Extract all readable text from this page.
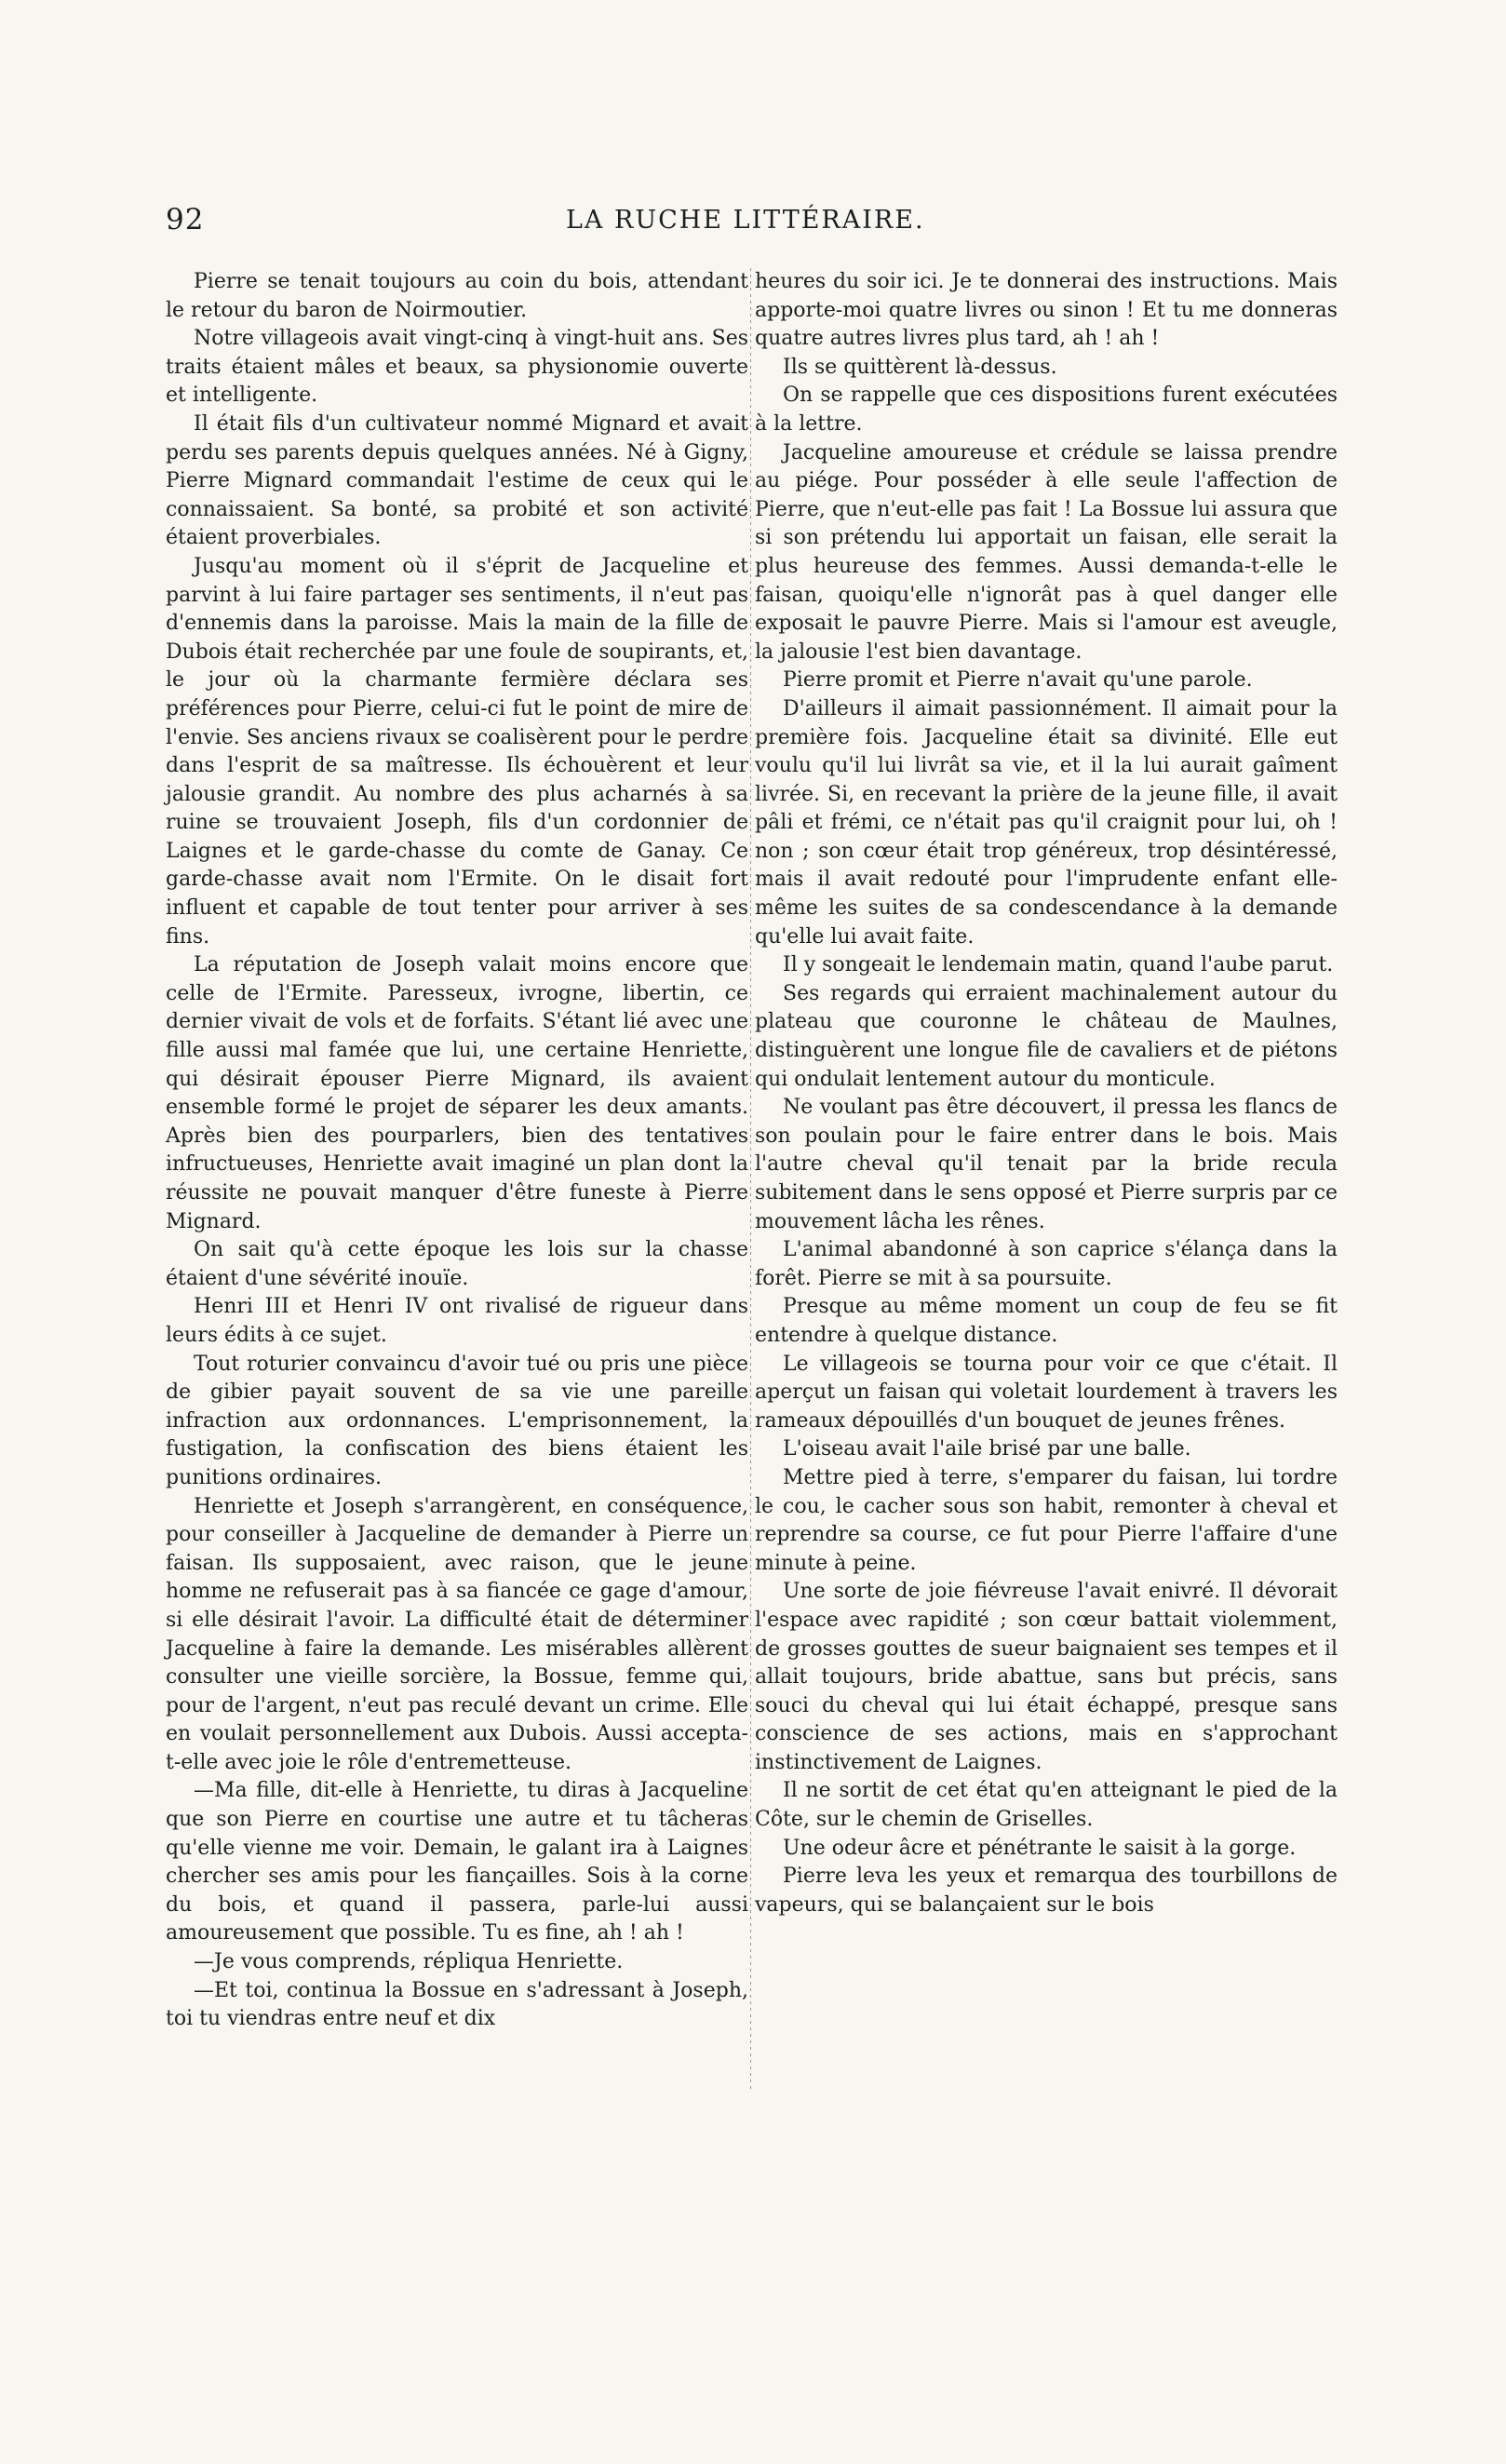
92	LA RUCHE LITTÉRAIRE.

Pierre se tenait toujours au coin du bois, attendant le retour du baron de Noirmoutier.

Notre villageois avait vingt-cinq à vingt-huit ans. Ses traits étaient mâles et beaux, sa physionomie ouverte et intelligente.

Il était fils d'un cultivateur nommé Mignard et avait perdu ses parents depuis quelques années. Né à Gigny, Pierre Mignard commandait l'estime de ceux qui le connaissaient. Sa bonté, sa probité et son activité étaient proverbiales.

Jusqu'au moment où il s'éprit de Jacqueline et parvint à lui faire partager ses sentiments, il n'eut pas d'ennemis dans la paroisse. Mais la main de la fille de Dubois était recherchée par une foule de soupirants, et, le jour où la charmante fermière déclara ses préférences pour Pierre, celui-ci fut le point de mire de l'envie. Ses anciens rivaux se coalisèrent pour le perdre dans l'esprit de sa maîtresse. Ils échouèrent et leur jalousie grandit. Au nombre des plus acharnés à sa ruine se trouvaient Joseph, fils d'un cordonnier de Laignes et le garde-chasse du comte de Ganay. Ce garde-chasse avait nom l'Ermite. On le disait fort influent et capable de tout tenter pour arriver à ses fins.

La réputation de Joseph valait moins encore que celle de l'Ermite. Paresseux, ivrogne, libertin, ce dernier vivait de vols et de forfaits. S'étant lié avec une fille aussi mal famée que lui, une certaine Henriette, qui désirait épouser Pierre Mignard, ils avaient ensemble formé le projet de séparer les deux amants. Après bien des pourparlers, bien des tentatives infructueuses, Henriette avait imaginé un plan dont la réussite ne pouvait manquer d'être funeste à Pierre Mignard.

On sait qu'à cette époque les lois sur la chasse étaient d'une sévérité inouïe.

Henri III et Henri IV ont rivalisé de rigueur dans leurs édits à ce sujet.

Tout roturier convaincu d'avoir tué ou pris une pièce de gibier payait souvent de sa vie une pareille infraction aux ordonnances. L'emprisonnement, la fustigation, la confiscation des biens étaient les punitions ordinaires.

Henriette et Joseph s'arrangèrent, en conséquence, pour conseiller à Jacqueline de demander à Pierre un faisan. Ils supposaient, avec raison, que le jeune homme ne refuserait pas à sa fiancée ce gage d'amour, si elle désirait l'avoir. La difficulté était de déterminer Jacqueline à faire la demande. Les misérables allèrent consulter une vieille sorcière, la Bossue, femme qui, pour de l'argent, n'eut pas reculé devant un crime. Elle en voulait personnellement aux Dubois. Aussi accepta-t-elle avec joie le rôle d'entremetteuse.

—Ma fille, dit-elle à Henriette, tu diras à Jacqueline que son Pierre en courtise une autre et tu tâcheras qu'elle vienne me voir. Demain, le galant ira à Laignes chercher ses amis pour les fiançailles. Sois à la corne du bois, et quand il passera, parle-lui aussi amoureusement que possible. Tu es fine, ah ! ah !

—Je vous comprends, répliqua Henriette.

—Et toi, continua la Bossue en s'adressant à Joseph, toi tu viendras entre neuf et dix

heures du soir ici. Je te donnerai des instructions. Mais apporte-moi quatre livres ou sinon ! Et tu me donneras quatre autres livres plus tard, ah ! ah !

Ils se quittèrent là-dessus.

On se rappelle que ces dispositions furent exécutées à la lettre.

Jacqueline amoureuse et crédule se laissa prendre au piége. Pour posséder à elle seule l'affection de Pierre, que n'eut-elle pas fait ! La Bossue lui assura que si son prétendu lui apportait un faisan, elle serait la plus heureuse des femmes. Aussi demanda-t-elle le faisan, quoiqu'elle n'ignorât pas à quel danger elle exposait le pauvre Pierre. Mais si l'amour est aveugle, la jalousie l'est bien davantage.

Pierre promit et Pierre n'avait qu'une parole.

D'ailleurs il aimait passionnément. Il aimait pour la première fois. Jacqueline était sa divinité. Elle eut voulu qu'il lui livrât sa vie, et il la lui aurait gaîment livrée. Si, en recevant la prière de la jeune fille, il avait pâli et frémi, ce n'était pas qu'il craignit pour lui, oh ! non ; son cœur était trop généreux, trop désintéressé, mais il avait redouté pour l'imprudente enfant elle-même les suites de sa condescendance à la demande qu'elle lui avait faite.

Il y songeait le lendemain matin, quand l'aube parut.

Ses regards qui erraient machinalement autour du plateau que couronne le château de Maulnes, distinguèrent une longue file de cavaliers et de piétons qui ondulait lentement autour du monticule.

Ne voulant pas être découvert, il pressa les flancs de son poulain pour le faire entrer dans le bois. Mais l'autre cheval qu'il tenait par la bride recula subitement dans le sens opposé et Pierre surpris par ce mouvement lâcha les rênes.

L'animal abandonné à son caprice s'élança dans la forêt. Pierre se mit à sa poursuite.

Presque au même moment un coup de feu se fit entendre à quelque distance.

Le villageois se tourna pour voir ce que c'était. Il aperçut un faisan qui voletait lourdement à travers les rameaux dépouillés d'un bouquet de jeunes frênes.

L'oiseau avait l'aile brisé par une balle.

Mettre pied à terre, s'emparer du faisan, lui tordre le cou, le cacher sous son habit, remonter à cheval et reprendre sa course, ce fut pour Pierre l'affaire d'une minute à peine.

Une sorte de joie fiévreuse l'avait enivré. Il dévorait l'espace avec rapidité ; son cœur battait violemment, de grosses gouttes de sueur baignaient ses tempes et il allait toujours, bride abattue, sans but précis, sans souci du cheval qui lui était échappé, presque sans conscience de ses actions, mais en s'approchant instinctivement de Laignes.

Il ne sortit de cet état qu'en atteignant le pied de la Côte, sur le chemin de Griselles.

Une odeur âcre et pénétrante le saisit à la gorge.

Pierre leva les yeux et remarqua des tourbillons de vapeurs, qui se balançaient sur le bois
